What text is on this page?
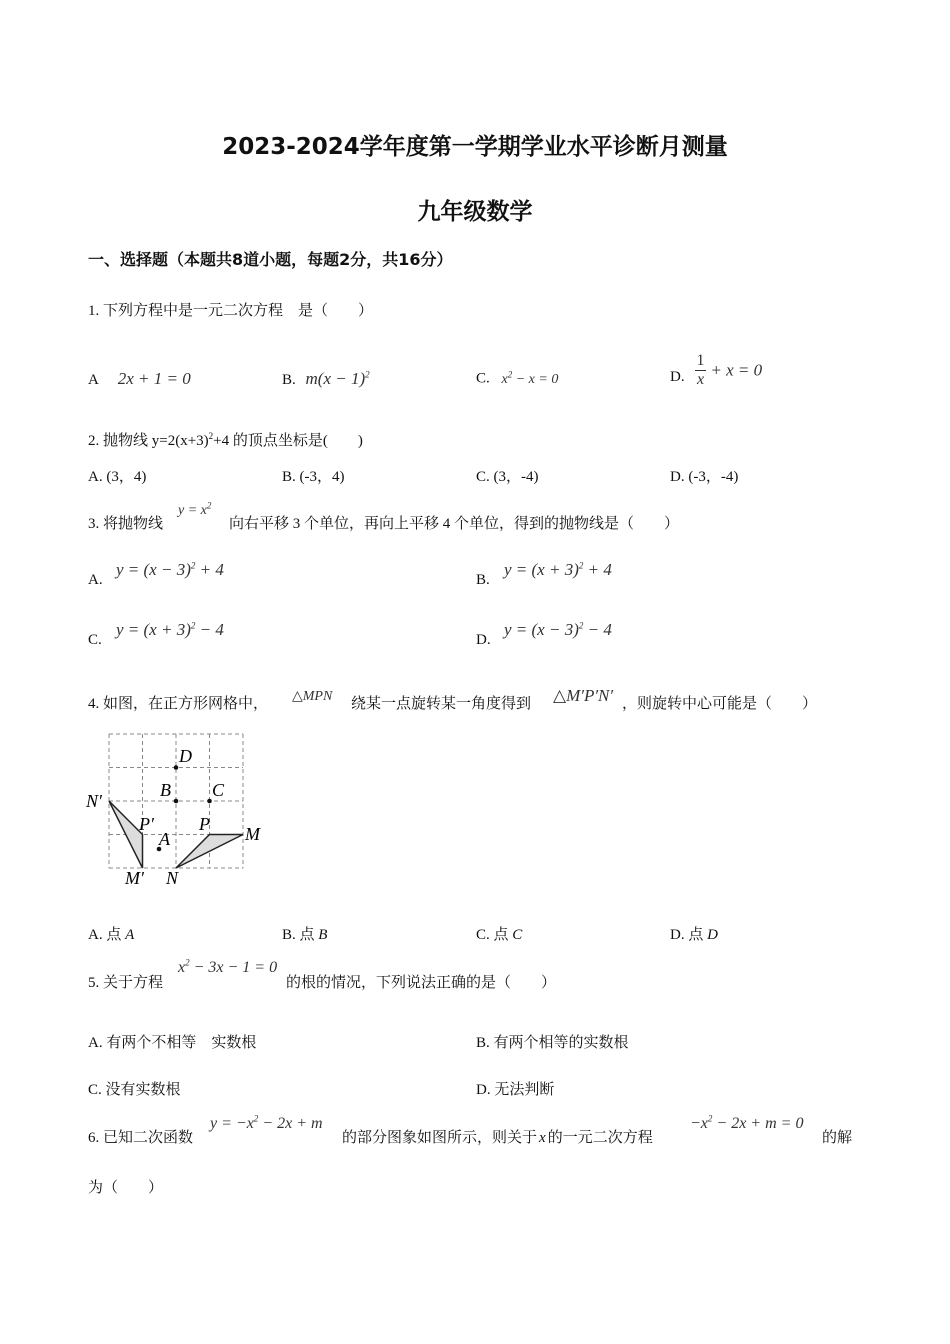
2023-2024学年度第一学期学业水平诊断月测量
九年级数学
一、选择题（本题共8道小题，每题2分，共16分）
1. 下列方程中是一元二次方程　是（　　）
A 2x + 1 = 0	B. $m(x - 1)^2$	C. $x^2 - x = 0$	D. $\frac{1}{x} + x = 0$
2. 抛物线 $y=2(x+3)^2+4$ 的顶点坐标是(　　)
A. (3，4)	B. (-3，4)	C. (3，-4)	D. (-3，-4)
3. 将抛物线
$y = x^2$
向右平移 3 个单位，再向上平移 4 个单位，得到的抛物线是（　　）
A.
$y = (x - 3)^2 + 4$
B.
$y = (x + 3)^2 + 4$
C.
$y = (x + 3)^2 - 4$
D.
$y = (x - 3)^2 - 4$
4. 如图，在正方形网格中， △MPN 绕某一点旋转某一角度得到 △M′P′N′ ，则旋转中心可能是（　　）
D
B C
A
P M
N
P′
N′
M′
A. 点 A	B. 点 B	C. 点 C	D. 点 D
5. 关于方程
$x^2 - 3x - 1 = 0$
的根的情况，下列说法正确的是（　　）
A. 有两个不相等　实数根	B. 有两个相等的实数根
C. 没有实数根	D. 无法判断
6. 已知二次函数
$y = -x^2 - 2x + m$
的部分图象如图所示，则关于 x 的一元二次方程
$-x^2 - 2x + m = 0$
的解
为（　　）
